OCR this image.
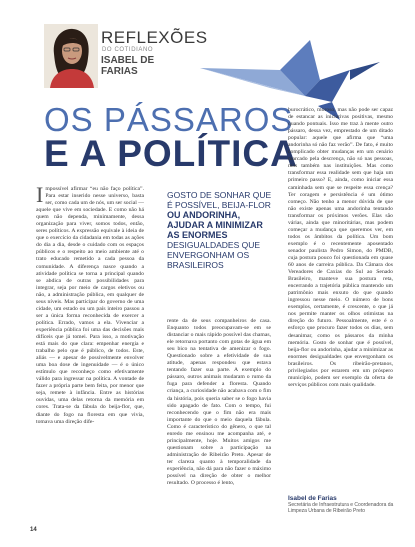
REFLEXÕES
DO COTIDIANO
ISABEL DE FARIAS
OS PÁSSAROS
E A POLÍTICA
Impossível afirmar “eu não faço política”. Para estar inserido nesse universo, basta ser, como cada um de nós, um ser social — aquele que vive em sociedade. E como não há quem não dependa, minimamente, dessa organização para viver, somos todos, então, seres políticos. A expressão equivale à ideia de que o exercício da cidadania em todas as ações do dia a dia, desde o cuidado com os espaços públicos e o respeito ao meio ambiente até o trato educado remetido a cada pessoa da comunidade. A diferença nasce quando a atividade política se torna a principal quando se abdica de outras possibilidades para integrar, seja por meio de cargos eletivos ou não, a administração pública, em qualquer de seus níveis. Mas participar do governo de uma cidade, um estado ou um país inteiro passou a ser a única forma reconhecida de exercer a política. Errado, vamos a ela. Vivenciar a experiência pública foi uma das decisões mais difíceis que já tomei. Para isso, a motivação está mais do que clara: empenhar energia e trabalho pelo que é público, de todos. Este, aliás — e apesar de possivelmente envolver uma boa dose de ingenuidade — é o único estímulo que reconheço como efetivamente válido para ingressar na política. A vontade de fazer a própria parte bem feita, por menor que seja, remete à infância. Entre as histórias ouvidas, uma delas retorna da memória em cores. Trata-se da fábula do beija-flor, que, diante do fogo na floresta em que vivia, tomava uma direção dife-
GOSTO DE SONHAR QUE É POSSÍVEL, BEIJA-FLOR
OU ANDORINHA, AJUDAR A MINIMIZAR AS ENORMES
DESIGUALDADES QUE ENVERGONHAM OS BRASILEIROS
rente da de seus companheiros de casa. Enquanto todos preocupavam-se em se distanciar o mais rápido possível das chamas, ele retornava portanto com gotas de água em seu bico na tentativa de amenizar o fogo. Questionado sobre a efetividade de sua atitude, apenas respondeu que estava tentando fazer sua parte. A exemplo do pássaro, outros animais mudaram o rumo da fuga para defender a floresta. Quando criança, a curiosidade não acabava com o fim da história, pois queria saber se o fogo havia sido apagado de fato. Com o tempo, fui reconhecendo que o fim não era mais importante do que o meio daquela fábula. Como é característico do gênero, o que tal enredo me ensinou me acompanha até, e principalmente, hoje. Muitos amigos me questionam sobre a participação na administração de Ribeirão Preto. Apesar de ter clareza quanto à temporalidade da experiência, não dá para não fazer o máximo possível na direção de obter o melhor resultado. O processo é lento,
burocrático, moroso, mas não pode ser capaz de estancar as iniciativas positivas, mesmo quando pontuais. Isso me traz à mente outro pássaro, dessa vez, emprestado de um ditado popular: aquele que afirma que “uma andorinha só não faz verão”. De fato, é muito complicado obter mudanças em um cenário marcado pela descrença, não só nas pessoas, mas também nas instituições. Mas como transformar essa realidade sem que haja um primeiro passo? E, ainda, como iniciar essa caminhada sem que se respeite essa crença? Ter coragem e persistência é um ótimo começo. Não tenho a menor dúvida de que não existe apenas uma andorinha tentando transformar os próximos verões. Elas são várias, ainda que minoritárias, mas podem começar a mudança que queremos ver, em todos os âmbitos da política. Um bom exemplo é o recentemente aposentado senador paulista Pedro Simon, do PMDB, cuja postura pouco foi questionada em quase 60 anos de carreira pública. Da Câmara dos Vereadores de Caxias do Sul ao Senado Brasileiro, manteve sua postura reta, encerrando a trajetória pública mantendo um patrimônio mais enxuto do que quando ingressou nesse meio. O número de bons exemplos, certamente, é crescente, o que já nos permite manter os olhos otimistas na direção do futuro. Pessoalmente, este é o esforço que procuro fazer todos os dias, sem desanimar, como os pássaros da minha memória. Gosto de sonhar que é possível, beija-flor ou andorinha, ajudar a minimizar as enormes desigualdades que envergonham os brasileiros. Os ribeirão-pretanos, privilegiados por estarem em um próspero município, podem ser exemplo da oferta de serviços públicos com mais qualidade.
Isabel de Farias
Secretária de Infraestrutura e Coordenadora da Limpeza Urbana de Ribeirão Preto
14
